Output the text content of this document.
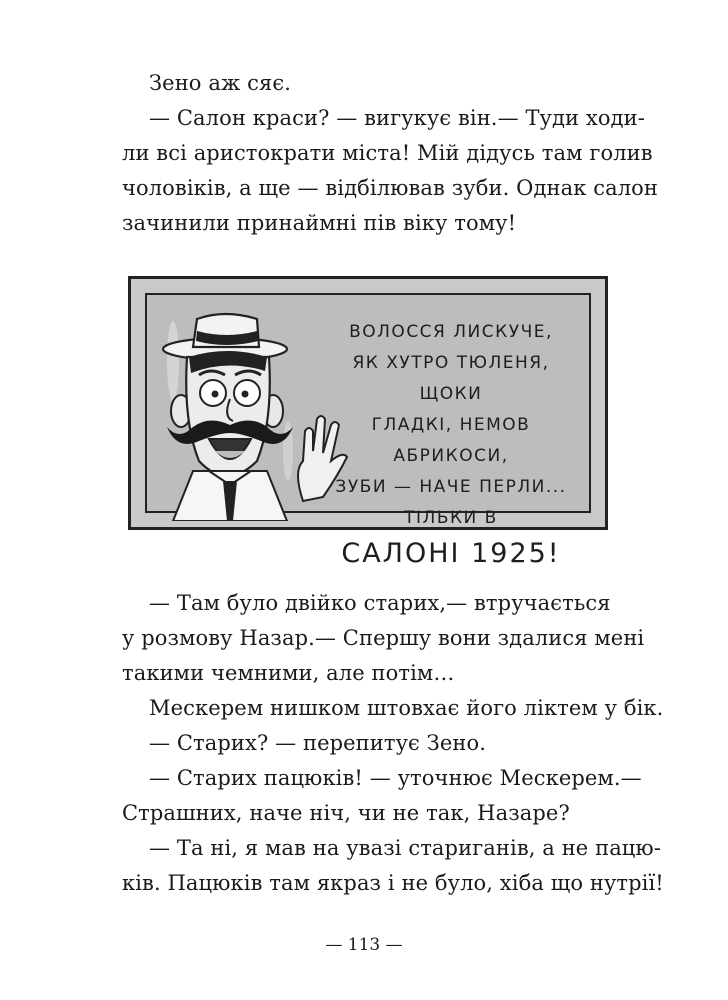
Зено аж сяє.
— Салон краси? — вигукує він.— Туди ходи-
ли всі аристократи міста! Мій дідусь там голив
чоловіків, а ще — відбілював зуби. Однак салон
зачинили принаймні пів віку тому!
ВОЛОССЯ ЛИСКУЧЕ,
ЯК ХУТРО ТЮЛЕНЯ, ЩОКИ
ГЛАДКІ, НЕМОВ АБРИКОСИ,
ЗУБИ — НАЧЕ ПЕРЛИ...
ТІЛЬКИ В
САЛОНІ 1925!
— Там було двійко старих,— втручається
у розмову Назар.— Спершу вони здалися мені
такими чемними, але потім…
Мескерем нишком штовхає його ліктем у бік.
— Старих? — перепитує Зено.
— Старих пацюків! — уточнює Мескерем.—
Страшних, наче ніч, чи не так, Назаре?
— Та ні, я мав на увазі стариганів, а не пацю-
ків. Пацюків там якраз і не було, хіба що нутрії!
— 113 —
